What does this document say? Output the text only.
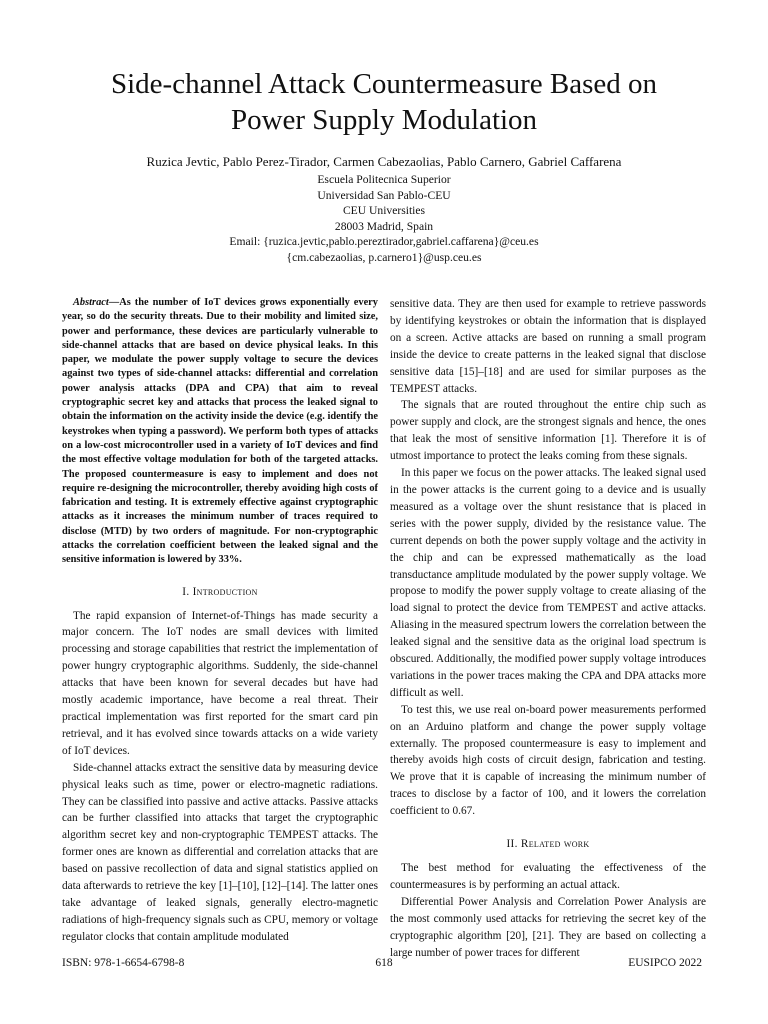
Side-channel Attack Countermeasure Based on
Power Supply Modulation
Ruzica Jevtic, Pablo Perez-Tirador, Carmen Cabezaolias, Pablo Carnero, Gabriel Caffarena
Escuela Politecnica Superior
Universidad San Pablo-CEU
CEU Universities
28003 Madrid, Spain
Email: {ruzica.jevtic,pablo.pereztirador,gabriel.caffarena}@ceu.es
{cm.cabezaolias, p.carnero1}@usp.ceu.es

Abstract—As the number of IoT devices grows exponentially every year, so do the security threats. Due to their mobility and limited size, power and performance, these devices are particularly vulnerable to side-channel attacks that are based on device physical leaks. In this paper, we modulate the power supply voltage to secure the devices against two types of side-channel attacks: differential and correlation power analysis attacks (DPA and CPA) that aim to reveal cryptographic secret key and attacks that process the leaked signal to obtain the information on the activity inside the device (e.g. identify the keystrokes when typing a password). We perform both types of attacks on a low-cost microcontroller used in a variety of IoT devices and find the most effective voltage modulation for both of the targeted attacks. The proposed countermeasure is easy to implement and does not require re-designing the microcontroller, thereby avoiding high costs of fabrication and testing. It is extremely effective against cryptographic attacks as it increases the minimum number of traces required to disclose (MTD) by two orders of magnitude. For non-cryptographic attacks the correlation coefficient between the leaked signal and the sensitive information is lowered by 33%.

I. Introduction

The rapid expansion of Internet-of-Things has made security a major concern. The IoT nodes are small devices with limited processing and storage capabilities that restrict the implementation of power hungry cryptographic algorithms. Suddenly, the side-channel attacks that have been known for several decades but have had mostly academic importance, have become a real threat. Their practical implementation was first reported for the smart card pin retrieval, and it has evolved since towards attacks on a wide variety of IoT devices.

Side-channel attacks extract the sensitive data by measuring device physical leaks such as time, power or electro-magnetic radiations. They can be classified into passive and active attacks. Passive attacks can be further classified into attacks that target the cryptographic algorithm secret key and non-cryptographic TEMPEST attacks. The former ones are known as differential and correlation attacks that are based on passive recollection of data and signal statistics applied on data afterwards to retrieve the key [1]–[10], [12]–[14]. The latter ones take advantage of leaked signals, generally electro-magnetic radiations of high-frequency signals such as CPU, memory or voltage regulator clocks that contain amplitude modulated

sensitive data. They are then used for example to retrieve passwords by identifying keystrokes or obtain the information that is displayed on a screen. Active attacks are based on running a small program inside the device to create patterns in the leaked signal that disclose sensitive data [15]–[18] and are used for similar purposes as the TEMPEST attacks.

The signals that are routed throughout the entire chip such as power supply and clock, are the strongest signals and hence, the ones that leak the most of sensitive information [1]. Therefore it is of utmost importance to protect the leaks coming from these signals.

In this paper we focus on the power attacks. The leaked signal used in the power attacks is the current going to a device and is usually measured as a voltage over the shunt resistance that is placed in series with the power supply, divided by the resistance value. The current depends on both the power supply voltage and the activity in the chip and can be expressed mathematically as the load transductance amplitude modulated by the power supply voltage. We propose to modify the power supply voltage to create aliasing of the load signal to protect the device from TEMPEST and active attacks. Aliasing in the measured spectrum lowers the correlation between the leaked signal and the sensitive data as the original load spectrum is obscured. Additionally, the modified power supply voltage introduces variations in the power traces making the CPA and DPA attacks more difficult as well.

To test this, we use real on-board power measurements performed on an Arduino platform and change the power supply voltage externally. The proposed countermeasure is easy to implement and thereby avoids high costs of circuit design, fabrication and testing. We prove that it is capable of increasing the minimum number of traces to disclose by a factor of 100, and it lowers the correlation coefficient to 0.67.

II. Related work

The best method for evaluating the effectiveness of the countermeasures is by performing an actual attack.

Differential Power Analysis and Correlation Power Analysis are the most commonly used attacks for retrieving the secret key of the cryptographic algorithm [20], [21]. They are based on collecting a large number of power traces for different

ISBN: 978-1-6654-6798-8	618	EUSIPCO 2022
